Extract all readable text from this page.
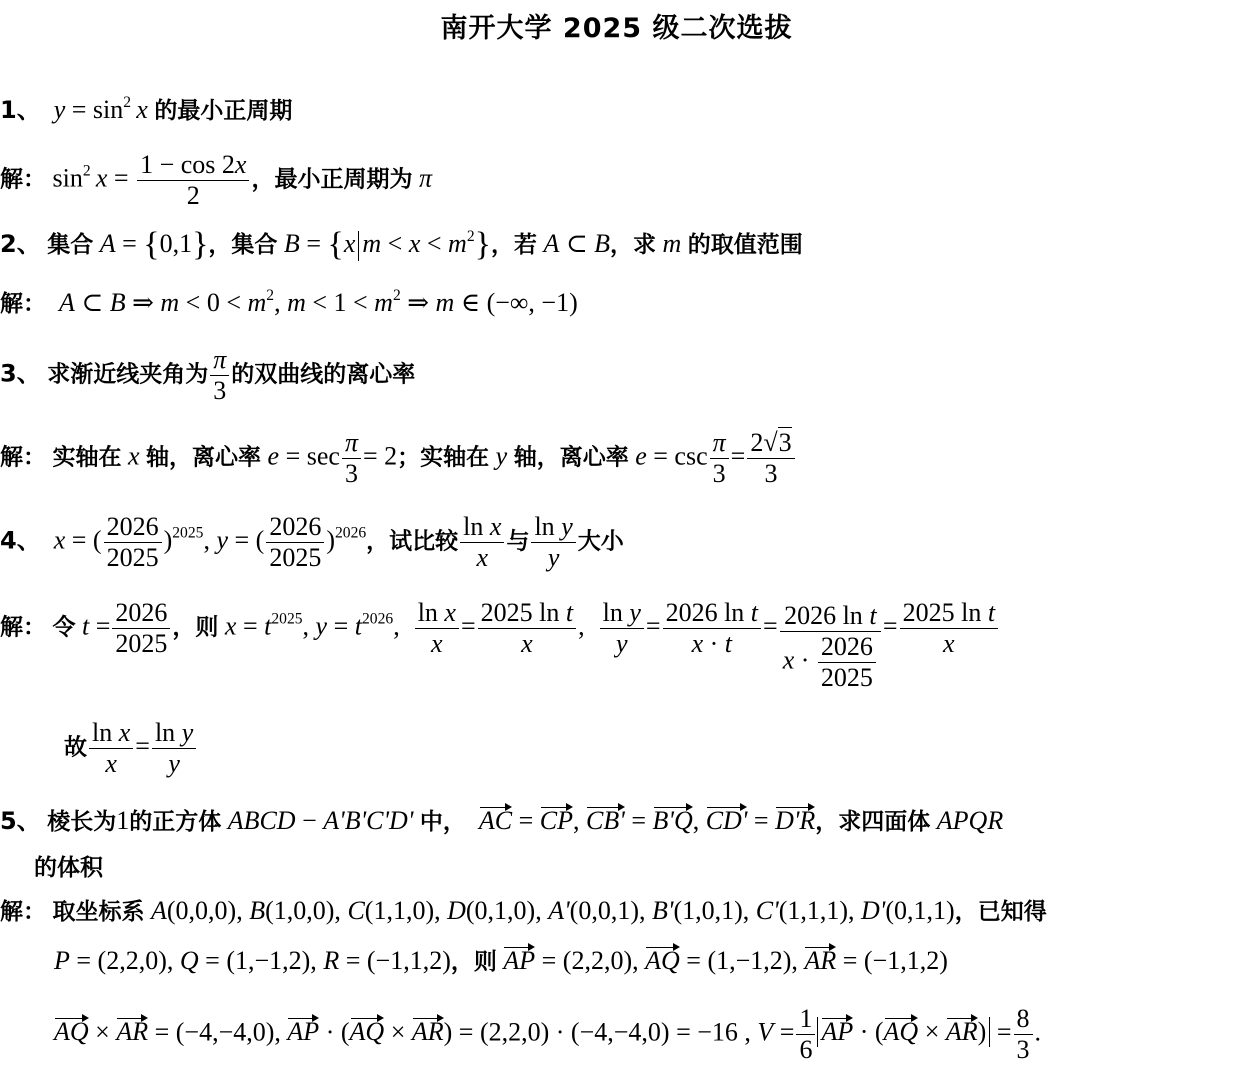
南开大学 2025 级二次选拔
1、 $y = \sin^2 x$ 的最小正周期
解： $\sin^2 x = \frac{1 - \cos 2x}{2}$ ，最小正周期为 π
2、 集合 A = {0,1}，集合 B = {x $m < x < m^2$}，若 A ⊂ B，求 m 的取值范围
解： A ⊂ B ⇒ $m < 0 < m^2$, $m < 1 < m^2$ ⇒ m ∈ (−∞, −1)
3、 求渐近线夹角为 $\frac{\pi}{3}$ 的双曲线的离心率
解： 实轴在 x 轴，离心率 $e = \sec \frac{\pi}{3} = 2$；实轴在 y 轴，离心率 $e = \csc \frac{\pi}{3} = \frac{2√3}{3}$
4、 x = ( $\frac{2026}{2025} )^{2025}$, y = ( $\frac{2026}{2025} )^{2026}$，试比较 $\frac{\text{ln x}}{x}$ 与 $\frac{\text{ln y}}{y}$ 大小
解： 令 $t = \frac{2026}{2025}$ ，则 $x = t^{2025}$, $y = t^{2026}$, $\frac{\text{ln x}}{x} = \frac{\text{2025 ln t}}{x}$ , $\frac{\text{ln y}}{y} = \frac{\text{2026 ln t}}{x \cdot t} = \frac{\text{2026 ln t}}{x \cdot \frac{2026}{2025}} = \frac{\text{2025 ln t}}{x}$
故 $\frac{\text{ln x}}{x} = \frac{\text{ln y}}{y}$
5、 棱长为1的正方体 ABCD − A'B'C'D' 中， AC = CP, CB' = B'Q, CD' = D'R，求四面体 APQR
的体积
解： 取坐标系 A(0,0,0), B(1,0,0), C(1,1,0), D(0,1,0), A'(0,0,1), B'(1,0,1), C'(1,1,1), D'(0,1,1)，已知得
P = (2,2,0), Q = (1,−1,2), R = (−1,1,2)，则 AP = (2,2,0), AQ = (1,−1,2), AR = (−1,1,2)
AQ × AR = (−4,−4,0), AP · (AQ × AR) = (2,2,0) · (−4,−4,0) = −16 , $V = \frac{1}{6}$ AP · $(AQ \times AR) = \frac{8}{3}$ .
